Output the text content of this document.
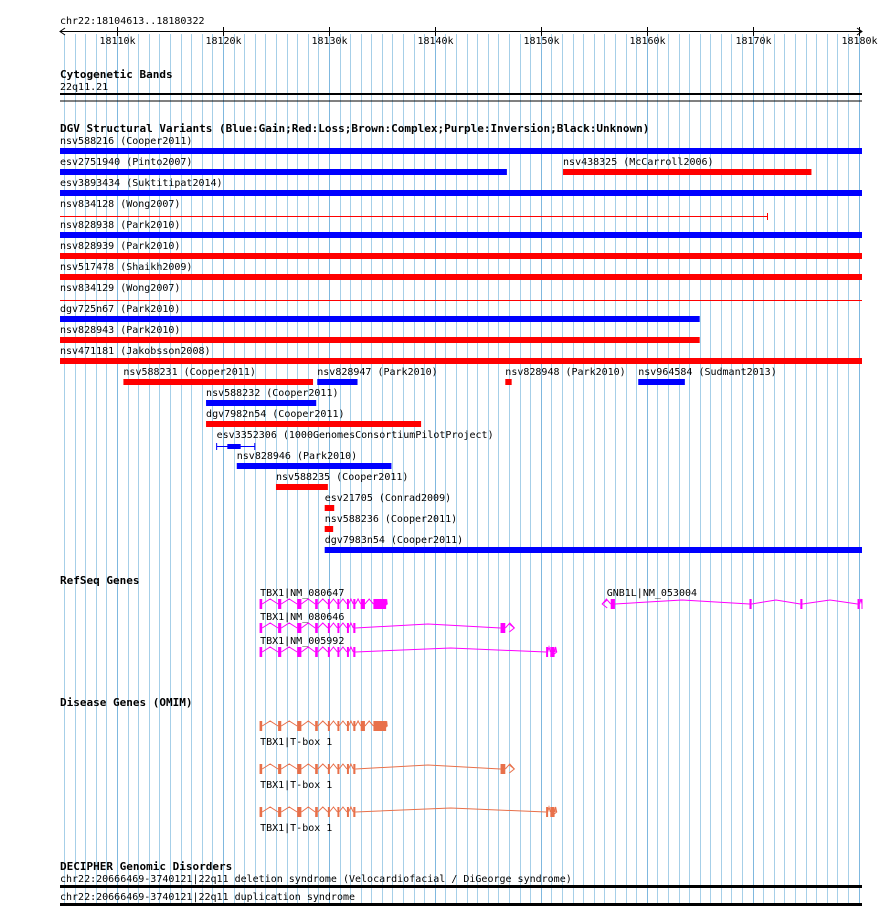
chr22:18104613..18180322
18110k	18120k	18130k	18140k	18150k	18160k	18170k	18180k
Cytogenetic Bands
22q11.21
DGV Structural Variants (Blue:Gain;Red:Loss;Brown:Complex;Purple:Inversion;Black:Unknown)
nsv588216 (Cooper2011)
esv2751940 (Pinto2007)	nsv438325 (McCarroll2006)
esv3893434 (Suktitipat2014)
nsv834128 (Wong2007)
nsv828938 (Park2010)
nsv828939 (Park2010)
nsv517478 (Shaikh2009)
nsv834129 (Wong2007)
dgv725n67 (Park2010)
nsv828943 (Park2010)
nsv471181 (Jakobsson2008)
nsv588231 (Cooper2011)	nsv828947 (Park2010)	nsv828948 (Park2010) nsv964584 (Sudmant2013)
nsv588232 (Cooper2011)
dgv7982n54 (Cooper2011)
esv3352306 (1000GenomesConsortiumPilotProject)
nsv828946 (Park2010)
nsv588235 (Cooper2011)
esv21705 (Conrad2009)
nsv588236 (Cooper2011)
dgv7983n54 (Cooper2011)
RefSeq Genes
TBX1|NM_080647
TBX1|NM_080646
TBX1|NM_005992
GNB1L|NM_053004
Disease Genes (OMIM)
TBX1|T-box 1
TBX1|T-box 1
TBX1|T-box 1
DECIPHER Genomic Disorders
chr22:20666469-3740121|22q11 deletion syndrome (Velocardiofacial / DiGeorge syndrome)
chr22:20666469-3740121|22q11 duplication syndrome
